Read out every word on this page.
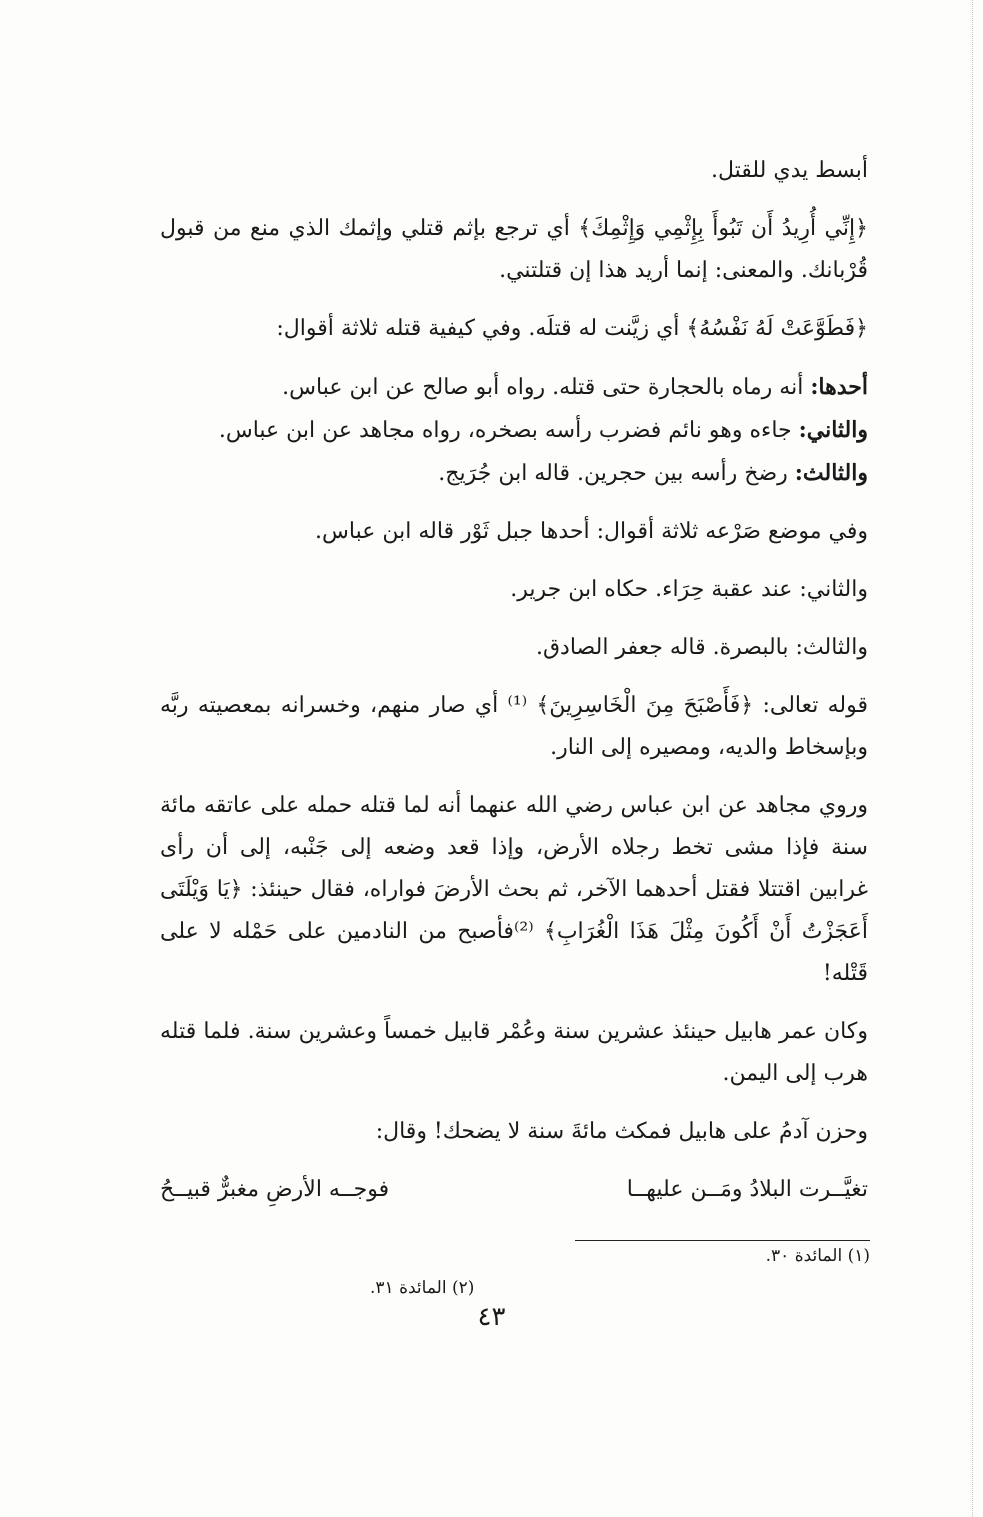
أبسط يدي للقتل.

﴿إِنِّي أُرِيدُ أَن تَبُوأَ بِإِثْمِي وَإِثْمِكَ﴾ أي ترجع بإثم قتلي وإثمك الذي منع من قبول قُرْبانك. والمعنى: إنما أريد هذا إن قتلتني.

﴿فَطَوَّعَتْ لَهُ نَفْسُهُ﴾ أي زيَّنت له قتلَه. وفي كيفية قتله ثلاثة أقوال:

أحدها: أنه رماه بالحجارة حتى قتله. رواه أبو صالح عن ابن عباس.

والثاني: جاءه وهو نائم فضرب رأسه بصخره، رواه مجاهد عن ابن عباس.

والثالث: رضخ رأسه بين حجرين. قاله ابن جُرَيج.

وفي موضع صَرْعه ثلاثة أقوال: أحدها جبل ثَوْر قاله ابن عباس.

والثاني: عند عقبة حِرَاء. حكاه ابن جرير.

والثالث: بالبصرة. قاله جعفر الصادق.

قوله تعالى: ﴿فَأَصْبَحَ مِنَ الْخَاسِرِينَ﴾ ⁽¹⁾ أي صار منهم، وخسرانه بمعصيته ربَّه وبإسخاط والديه، ومصيره إلى النار.

وروي مجاهد عن ابن عباس رضي الله عنهما أنه لما قتله حمله على عاتقه مائة سنة فإذا مشى تخط رجلاه الأرض، وإذا قعد وضعه إلى جَنْبه، إلى أن رأى غرابين اقتتلا فقتل أحدهما الآخر، ثم بحث الأرضَ فواراه، فقال حينئذ: ﴿يَا وَيْلَتَى أَعَجَزْتُ أَنْ أَكُونَ مِثْلَ هَذَا الْغُرَابِ﴾ ⁽²⁾فأصبح من النادمين على حَمْله لا على قَتْله!

وكان عمر هابيل حينئذ عشرين سنة وعُمْر قابيل خمساً وعشرين سنة. فلما قتله هرب إلى اليمن.

وحزن آدمُ على هابيل فمكث مائةَ سنة لا يضحك! وقال:

تغيَّــرت البلادُ ومَــن عليهــا
فوجــه الأرضِ مغبرٌّ قبيــحُ
(١) المائدة ٣٠.
(٢) المائدة ٣١.
٤٣
